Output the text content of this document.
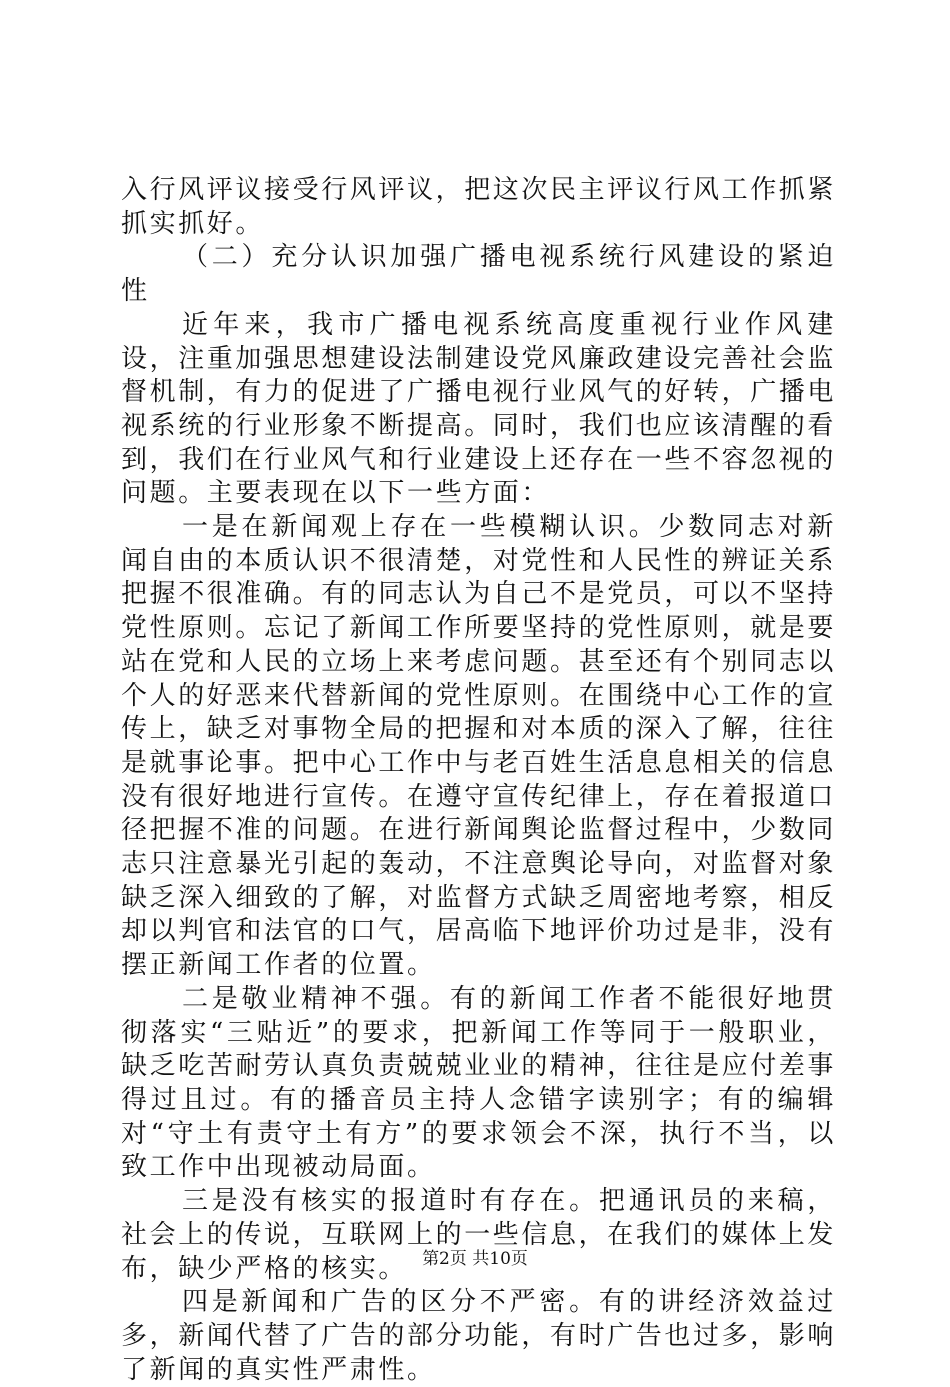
入行风评议接受行风评议，把这次民主评议行风工作抓紧抓实抓好。

（二）充分认识加强广播电视系统行风建设的紧迫性

近年来，我市广播电视系统高度重视行业作风建设，注重加强思想建设法制建设党风廉政建设完善社会监督机制，有力的促进了广播电视行业风气的好转，广播电视系统的行业形象不断提高。同时，我们也应该清醒的看到，我们在行业风气和行业建设上还存在一些不容忽视的问题。主要表现在以下一些方面：

一是在新闻观上存在一些模糊认识。少数同志对新闻自由的本质认识不很清楚，对党性和人民性的辨证关系把握不很准确。有的同志认为自己不是党员，可以不坚持党性原则。忘记了新闻工作所要坚持的党性原则，就是要站在党和人民的立场上来考虑问题。甚至还有个别同志以个人的好恶来代替新闻的党性原则。在围绕中心工作的宣传上，缺乏对事物全局的把握和对本质的深入了解，往往是就事论事。把中心工作中与老百姓生活息息相关的信息没有很好地进行宣传。在遵守宣传纪律上，存在着报道口径把握不准的问题。在进行新闻舆论监督过程中，少数同志只注意暴光引起的轰动，不注意舆论导向，对监督对象缺乏深入细致的了解，对监督方式缺乏周密地考察，相反却以判官和法官的口气，居高临下地评价功过是非，没有摆正新闻工作者的位置。

二是敬业精神不强。有的新闻工作者不能很好地贯彻落实“三贴近”的要求，把新闻工作等同于一般职业，缺乏吃苦耐劳认真负责兢兢业业的精神，往往是应付差事得过且过。有的播音员主持人念错字读别字；有的编辑对“守土有责守土有方”的要求领会不深，执行不当，以致工作中出现被动局面。

三是没有核实的报道时有存在。把通讯员的来稿，社会上的传说，互联网上的一些信息，在我们的媒体上发布，缺少严格的核实。

四是新闻和广告的区分不严密。有的讲经济效益过多，新闻代替了广告的部分功能，有时广告也过多，影响了新闻的真实性严肃性。

第2页 共10页
